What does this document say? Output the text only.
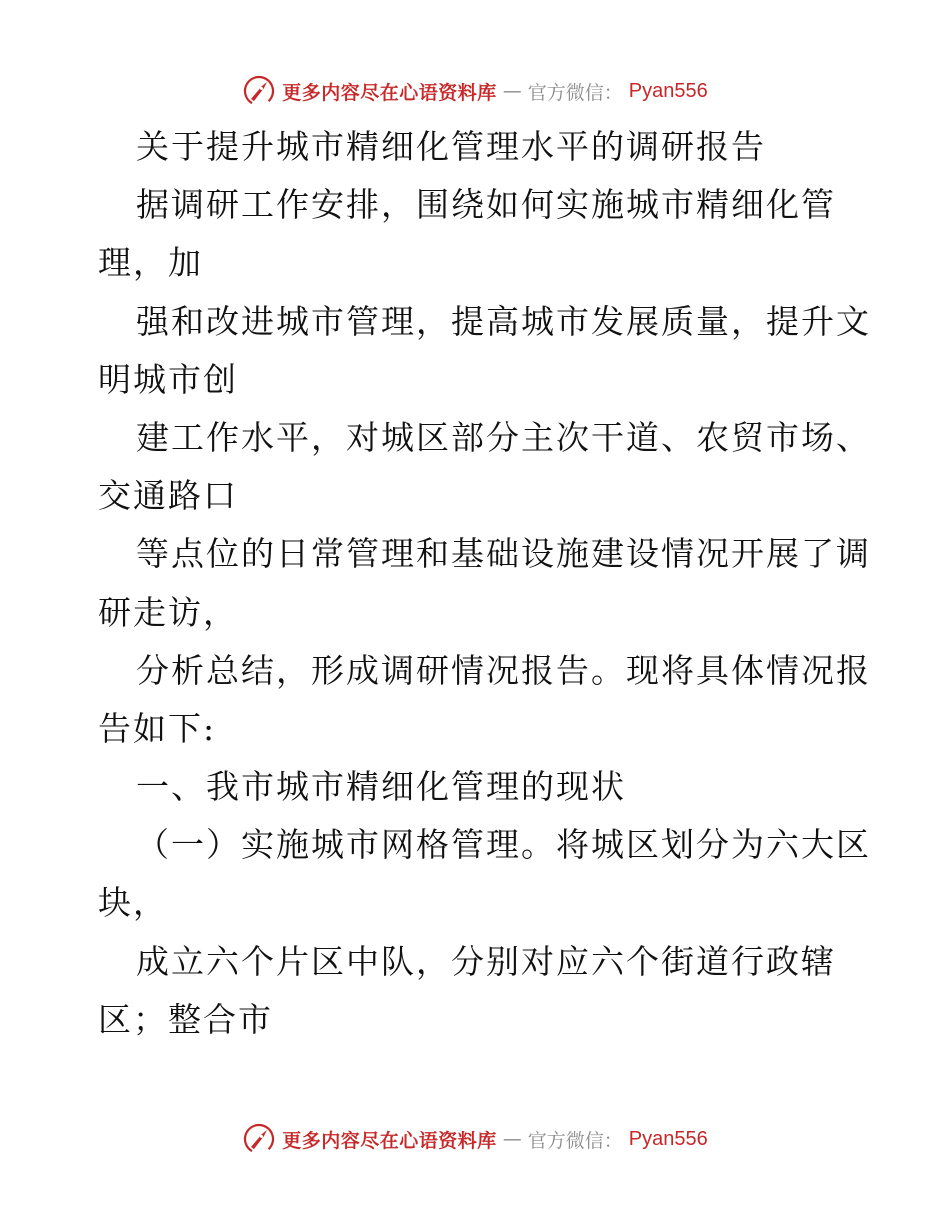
更多内容尽在心语资料库 — 官方微信： Pyan556
关于提升城市精细化管理水平的调研报告
据调研工作安排，围绕如何实施城市精细化管
理，加
强和改进城市管理，提高城市发展质量，提升文
明城市创
建工作水平，对城区部分主次干道、农贸市场、
交通路口
等点位的日常管理和基础设施建设情况开展了调
研走访，
分析总结，形成调研情况报告。现将具体情况报
告如下:
一、我市城市精细化管理的现状
（一）实施城市网格管理。将城区划分为六大区
块，
成立六个片区中队，分别对应六个街道行政辖
区；整合市
更多内容尽在心语资料库 — 官方微信： Pyan556
